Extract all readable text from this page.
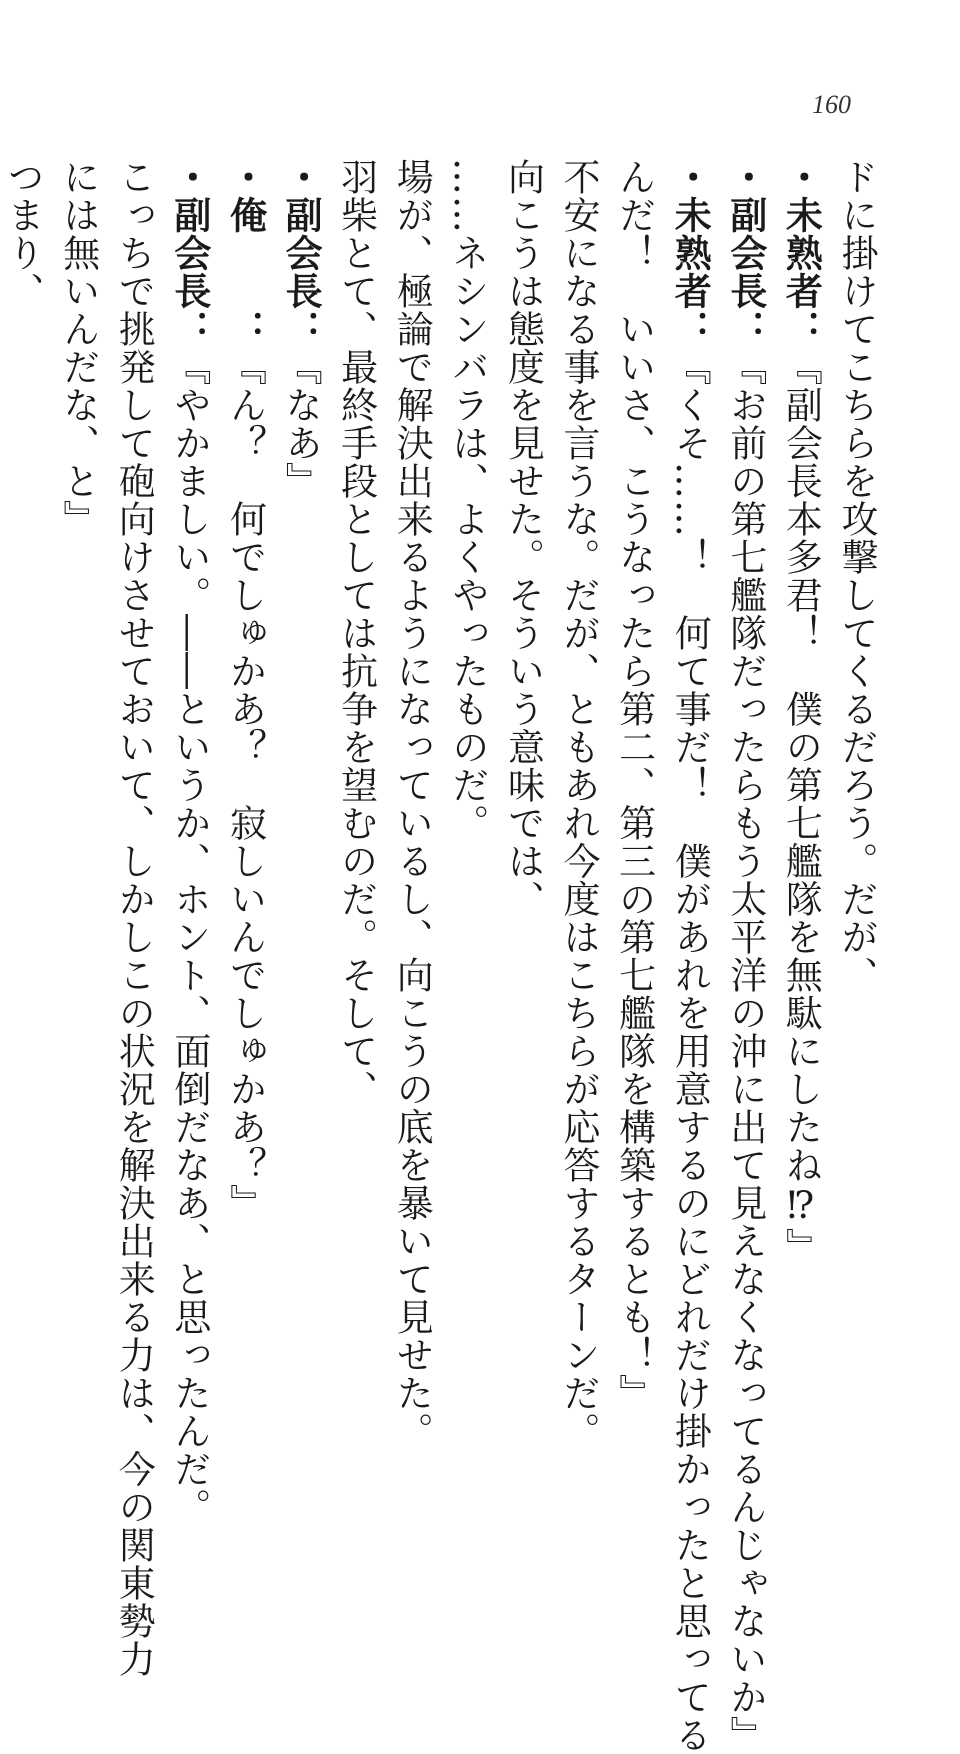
160
ドに掛けてこちらを攻撃してくるだろう。だが、
・未熟者：『副会長本多君！　僕の第七艦隊を無駄にしたね⁉』
・副会長：『お前の第七艦隊だったらもう太平洋の沖に出て見えなくなってるんじゃないか』
・未熟者：『くそ……！　何て事だ！　僕があれを用意するのにどれだけ掛かったと思ってる
んだ！　いいさ、こうなったら第二、第三の第七艦隊を構築するとも！』
不安になる事を言うな。だが、ともあれ今度はこちらが応答するターンだ。
向こうは態度を見せた。そういう意味では、
……ネシンバラは、よくやったものだ。
場が、極論で解決出来るようになっているし、向こうの底を暴いて見せた。
羽柴とて、最終手段としては抗争を望むのだ。そして、
・副会長：『なあ』
・俺　　：『ん？　何でしゅかあ？　寂しいんでしゅかあ？』
・副会長：『やかましい。――というか、ホント、面倒だなあ、と思ったんだ。
こっちで挑発して砲向けさせておいて、しかしこの状況を解決出来る力は、今の関東勢力
には無いんだな、と』
つまり、
